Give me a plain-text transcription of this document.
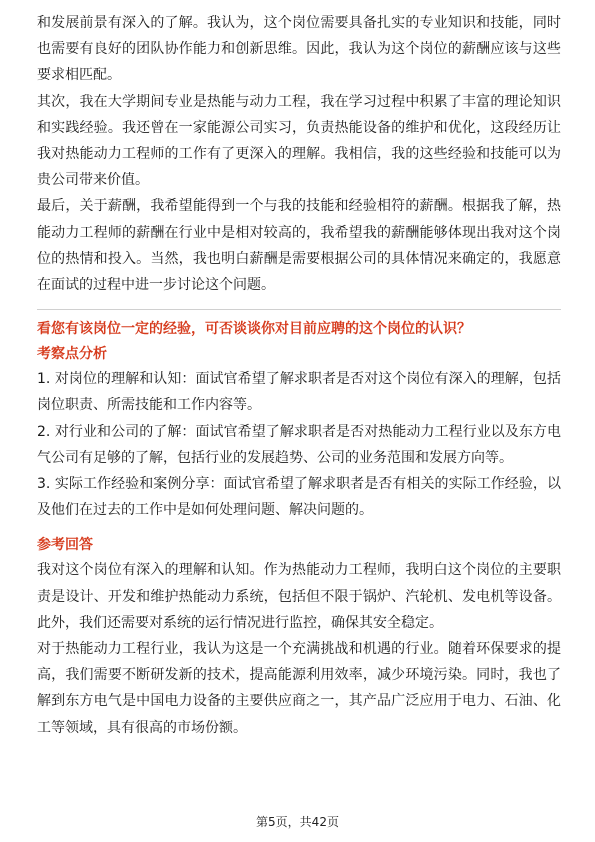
和发展前景有深入的了解。我认为，这个岗位需要具备扎实的专业知识和技能，同时也需要有良好的团队协作能力和创新思维。因此，我认为这个岗位的薪酬应该与这些要求相匹配。

其次，我在大学期间专业是热能与动力工程，我在学习过程中积累了丰富的理论知识和实践经验。我还曾在一家能源公司实习，负责热能设备的维护和优化，这段经历让我对热能动力工程师的工作有了更深入的理解。我相信，我的这些经验和技能可以为贵公司带来价值。

最后，关于薪酬，我希望能得到一个与我的技能和经验相符的薪酬。根据我了解，热能动力工程师的薪酬在行业中是相对较高的，我希望我的薪酬能够体现出我对这个岗位的热情和投入。当然，我也明白薪酬是需要根据公司的具体情况来确定的，我愿意在面试的过程中进一步讨论这个问题。

看您有该岗位一定的经验，可否谈谈你对目前应聘的这个岗位的认识？

考察点分析

1. 对岗位的理解和认知：面试官希望了解求职者是否对这个岗位有深入的理解，包括岗位职责、所需技能和工作内容等。

2. 对行业和公司的了解：面试官希望了解求职者是否对热能动力工程行业以及东方电气公司有足够的了解，包括行业的发展趋势、公司的业务范围和发展方向等。

3. 实际工作经验和案例分享：面试官希望了解求职者是否有相关的实际工作经验，以及他们在过去的工作中是如何处理问题、解决问题的。

参考回答

我对这个岗位有深入的理解和认知。作为热能动力工程师，我明白这个岗位的主要职责是设计、开发和维护热能动力系统，包括但不限于锅炉、汽轮机、发电机等设备。此外，我们还需要对系统的运行情况进行监控，确保其安全稳定。

对于热能动力工程行业，我认为这是一个充满挑战和机遇的行业。随着环保要求的提高，我们需要不断研发新的技术，提高能源利用效率，减少环境污染。同时，我也了解到东方电气是中国电力设备的主要供应商之一，其产品广泛应用于电力、石油、化工等领域，具有很高的市场份额。

第5页，共42页
